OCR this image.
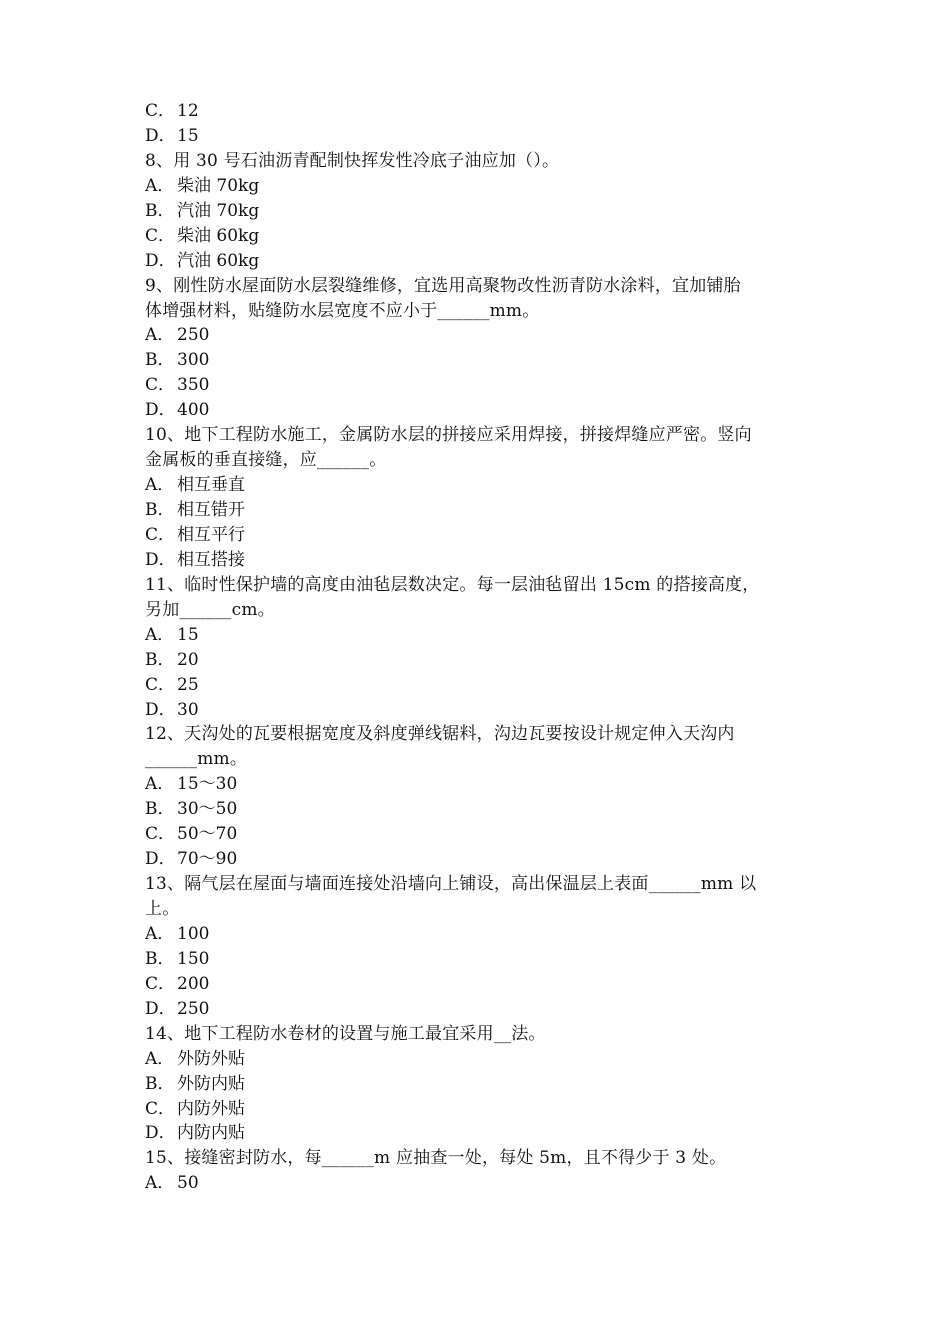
C． 12
D．15
8、用 30 号石油沥青配制快挥发性冷底子油应加（）。
A． 柴油 70kg
B． 汽油 70kg
C． 柴油 60kg
D．汽油 60kg
9、刚性防水屋面防水层裂缝维修，宜选用高聚物改性沥青防水涂料，宜加铺胎
体增强材料，贴缝防水层宽度不应小于______mm。
A． 250
B． 300
C． 350
D．400
10、地下工程防水施工，金属防水层的拼接应采用焊接，拼接焊缝应严密。竖向
金属板的垂直接缝，应______。
A． 相互垂直
B． 相互错开
C． 相互平行
D．相互搭接
11、临时性保护墙的高度由油毡层数决定。每一层油毡留出 15cm 的搭接高度，
另加______cm。
A． 15
B． 20
C． 25
D．30
12、天沟处的瓦要根据宽度及斜度弹线锯料，沟边瓦要按设计规定伸入天沟内
______mm。
A． 15～30
B． 30～50
C． 50～70
D．70～90
13、隔气层在屋面与墙面连接处沿墙向上铺设，高出保温层上表面______mm 以
上。
A． 100
B． 150
C． 200
D．250
14、地下工程防水卷材的设置与施工最宜采用__法。
A． 外防外贴
B． 外防内贴
C． 内防外贴
D．内防内贴
15、接缝密封防水，每______m 应抽查一处，每处 5m，且不得少于 3 处。
A． 50
